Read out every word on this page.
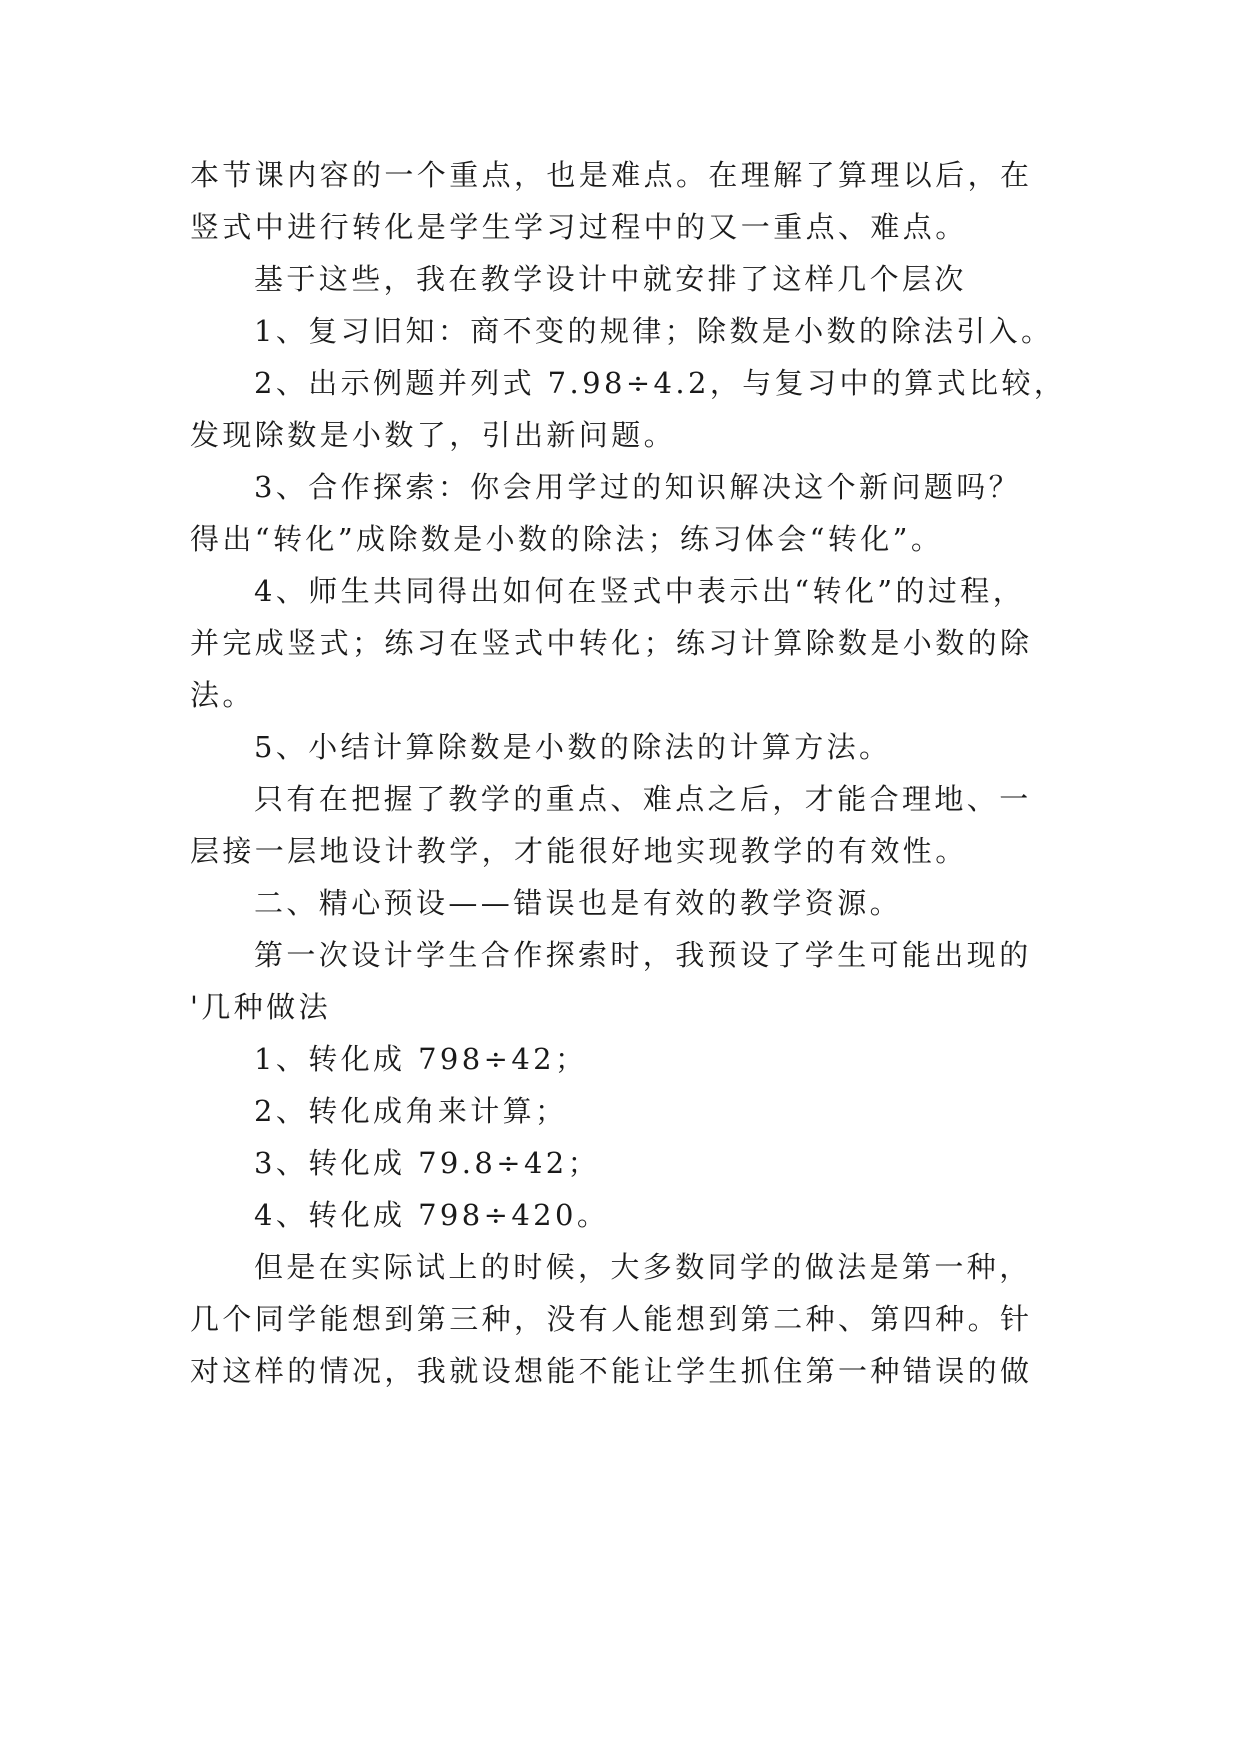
本节课内容的一个重点，也是难点。在理解了算理以后，在
竖式中进行转化是学生学习过程中的又一重点、难点。
基于这些，我在教学设计中就安排了这样几个层次
1、复习旧知：商不变的规律；除数是小数的除法引入。
2、出示例题并列式 7.98÷4.2，与复习中的算式比较，
发现除数是小数了，引出新问题。
3、合作探索：你会用学过的知识解决这个新问题吗？
得出“转化”成除数是小数的除法；练习体会“转化”。
4、师生共同得出如何在竖式中表示出“转化”的过程，
并完成竖式；练习在竖式中转化；练习计算除数是小数的除
法。
5、小结计算除数是小数的除法的计算方法。
只有在把握了教学的重点、难点之后，才能合理地、一
层接一层地设计教学，才能很好地实现教学的有效性。
二、精心预设——错误也是有效的教学资源。
第一次设计学生合作探索时，我预设了学生可能出现的
'几种做法
1、转化成 798÷42；
2、转化成角来计算；
3、转化成 79.8÷42；
4、转化成 798÷420。
但是在实际试上的时候，大多数同学的做法是第一种，
几个同学能想到第三种，没有人能想到第二种、第四种。针
对这样的情况，我就设想能不能让学生抓住第一种错误的做
